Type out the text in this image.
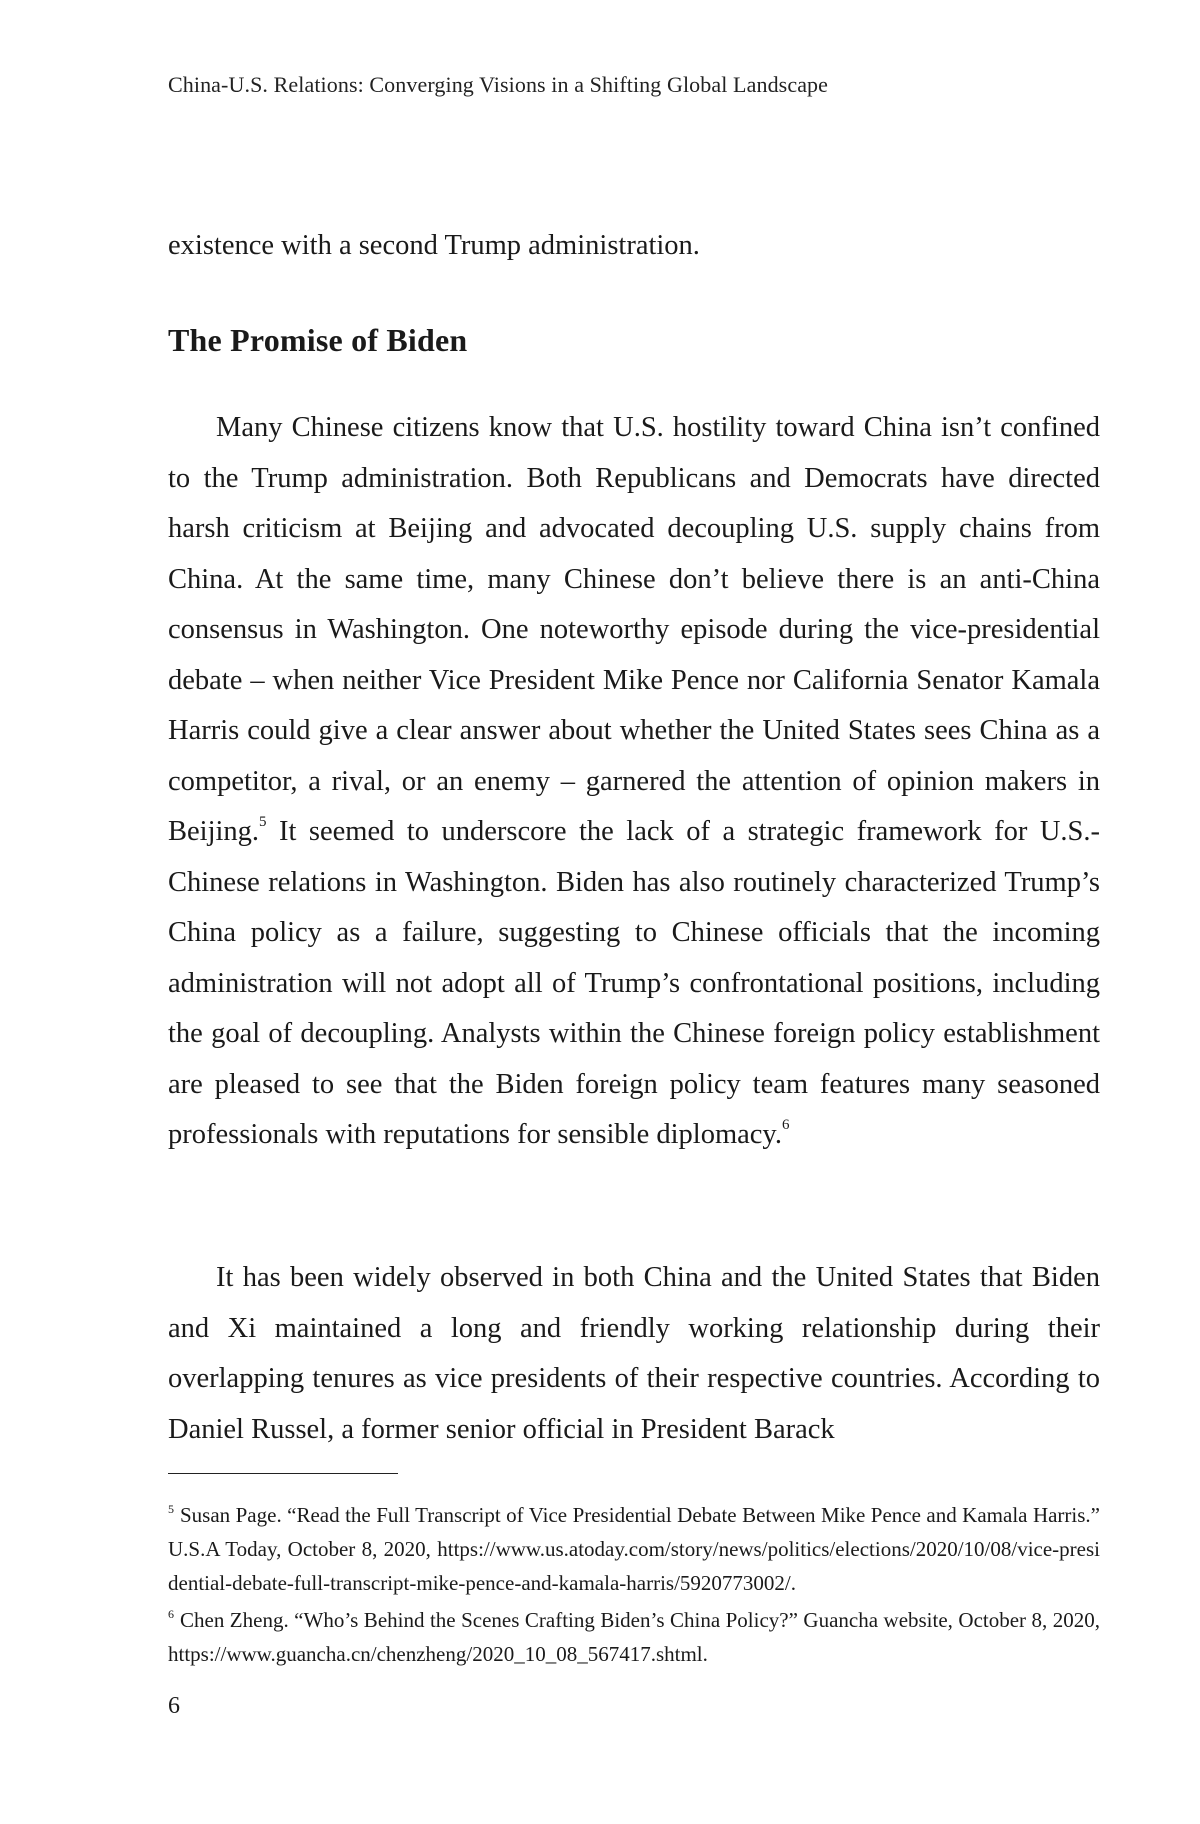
China-U.S. Relations: Converging Visions in a Shifting Global Landscape

existence with a second Trump administration.

The Promise of Biden

Many Chinese citizens know that U.S. hostility toward China isn’t confined to the Trump administration. Both Republicans and Democrats have directed harsh criticism at Beijing and advocated decoupling U.S. supply chains from China. At the same time, many Chinese don’t believe there is an anti-China consensus in Washington. One noteworthy episode during the vice-presidential debate – when neither Vice President Mike Pence nor California Senator Kamala Harris could give a clear answer about whether the United States sees China as a competitor, a rival, or an enemy – garnered the attention of opinion makers in Beijing.$^5$ It seemed to underscore the lack of a strategic framework for U.S.-Chinese relations in Washington. Biden has also routinely characterized Trump’s China policy as a failure, suggesting to Chinese officials that the incoming administration will not adopt all of Trump’s confrontational positions, including the goal of decoupling. Analysts within the Chinese foreign policy establishment are pleased to see that the Biden foreign policy team features many seasoned professionals with reputations for sensible diplomacy.$^6$

It has been widely observed in both China and the United States that Biden and Xi maintained a long and friendly working relationship during their overlapping tenures as vice presidents of their respective countries. According to Daniel Russel, a former senior official in President Barack

$^5$ Susan Page. “Read the Full Transcript of Vice Presidential Debate Between Mike Pence and Kamala Harris.” U.S.A Today, October 8, 2020, https://www.us.atoday.com/story/news/politics/elections/2020/10/08/vice-presidential-debate-full-transcript-mike-pence-and-kamala-harris/5920773002/.

$^6$ Chen Zheng. “Who’s Behind the Scenes Crafting Biden’s China Policy?” Guancha website, October 8, 2020, https://www.guancha.cn/chenzheng/2020_10_08_567417.shtml.

6
